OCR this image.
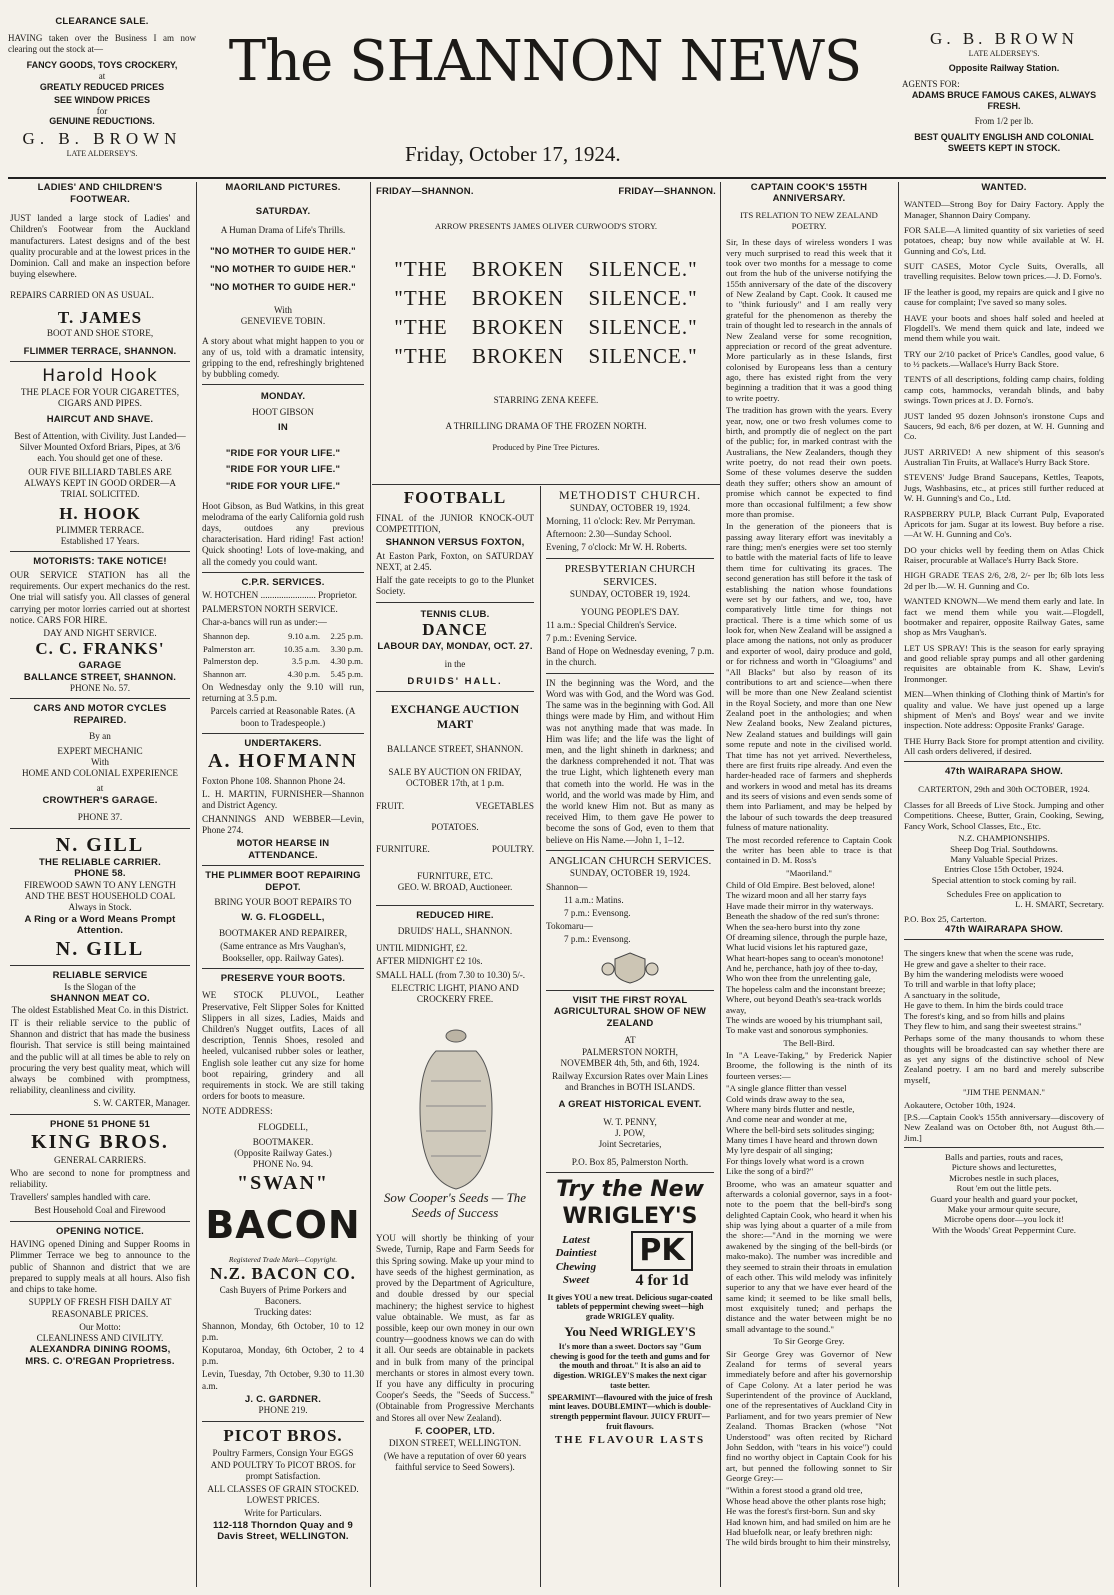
CLEARANCE SALE.

HAVING taken over the Business I am now clearing out the stock at—

FANCY GOODS, TOYS CROCKERY,
at
GREATLY REDUCED PRICES
SEE WINDOW PRICES
for
GENUINE REDUCTIONS.
G. B. BROWN
LATE ALDERSEY'S.
The SHANNON NEWS
Friday, October 17, 1924.
G. B. BROWN
LATE ALDERSEY'S.
Opposite Railway Station.
AGENTS FOR:
ADAMS BRUCE FAMOUS CAKES, ALWAYS FRESH.
From 1/2 per lb.
BEST QUALITY ENGLISH AND COLONIAL SWEETS KEPT IN STOCK.
LADIES' AND CHILDREN'S FOOTWEAR.

JUST landed a large stock of Ladies' and Children's Footwear from the Auckland manufacturers. Latest designs and of the best quality procurable and at the lowest prices in the Dominion. Call and make an inspection before buying elsewhere.

REPAIRS CARRIED ON AS USUAL.

T. JAMES
BOOT AND SHOE STORE,
FLIMMER TERRACE, SHANNON.
Harold Hook
THE PLACE FOR YOUR CIGARETTES, CIGARS AND PIPES.
HAIRCUT AND SHAVE.

Best of Attention, with Civility. Just Landed—Silver Mounted Oxford Briars, Pipes, at 3/6 each. You should get one of these.

OUR FIVE BILLIARD TABLES ARE ALWAYS KEPT IN GOOD ORDER—A TRIAL SOLICITED.

H. HOOK
PLIMMER TERRACE.
Established 17 Years.
MOTORISTS: TAKE NOTICE!

OUR SERVICE STATION has all the requirements. Our expert mechanics do the rest. One trial will satisfy you. All classes of general carrying per motor lorries carried out at shortest notice. CARS FOR HIRE.

DAY AND NIGHT SERVICE.
C. C. FRANKS'
GARAGE
BALLANCE STREET, SHANNON.
PHONE No. 57.
CARS AND MOTOR CYCLES REPAIRED.
By an
EXPERT MECHANIC
With
HOME AND COLONIAL EXPERIENCE
at
CROWTHER'S GARAGE.
PHONE 37.
N. GILL
THE RELIABLE CARRIER.
PHONE 58.
FIREWOOD SAWN TO ANY LENGTH
AND THE BEST HOUSEHOLD COAL
Always in Stock.
A Ring or a Word Means Prompt Attention.
N. GILL
RELIABLE SERVICE
Is the Slogan of the
SHANNON MEAT CO.
The oldest Established Meat Co. in this District.

IT is their reliable service to the public of Shannon and district that has made the business flourish. That service is still being maintained and the public will at all times be able to rely on procuring the very best quality meat, which will always be combined with promptness, reliability, cleanliness and civility.

S. W. CARTER, Manager.
PHONE 51 PHONE 51
KING BROS.
GENERAL CARRIERS.

Who are second to none for promptness and reliability.

Travellers' samples handled with care.

Best Household Coal and Firewood

OPENING NOTICE.

HAVING opened Dining and Supper Rooms in Plimmer Terrace we beg to announce to the public of Shannon and district that we are prepared to supply meals at all hours. Also fish and chips to take home.

SUPPLY OF FRESH FISH DAILY AT REASONABLE PRICES.

Our Motto:
CLEANLINESS AND CIVILITY.
ALEXANDRA DINING ROOMS,
MRS. C. O'REGAN Proprietress.
MAORILAND PICTURES.
SATURDAY.
A Human Drama of Life's Thrills.
"NO MOTHER TO GUIDE HER."
"NO MOTHER TO GUIDE HER."
"NO MOTHER TO GUIDE HER."
With
GENEVIEVE TOBIN.

A story about what might happen to you or any of us, told with a dramatic intensity, gripping to the end, refreshingly brightened by bubbling comedy.

MONDAY.
HOOT GIBSON
IN
"RIDE FOR YOUR LIFE."
"RIDE FOR YOUR LIFE."
"RIDE FOR YOUR LIFE."

Hoot Gibson, as Bud Watkins, in this great melodrama of the early California gold rush days, outdoes any previous characterisation. Hard riding! Fast action! Quick shooting! Lots of love-making, and all the comedy you could want.

C.P.R. SERVICES.

W. HOTCHEN ........................ Proprietor.

PALMERSTON NORTH SERVICE.

Char-a-bancs will run as under:—

Shannon dep.	9.10 a.m.	2.25 p.m.
Palmerston arr.	10.35 a.m.	3.30 p.m.
Palmerston dep.	3.5 p.m.	4.30 p.m.
Shannon arr.	4.30 p.m.	5.45 p.m.

On Wednesday only the 9.10 will run, returning at 3.5 p.m.

Parcels carried at Reasonable Rates. (A boon to Tradespeople.)

UNDERTAKERS.
A. HOFMANN

Foxton Phone 108. Shannon Phone 24.

L. H. MARTIN, FURNISHER—Shannon and District Agency.

CHANNINGS AND WEBBER—Levin, Phone 274.

MOTOR HEARSE IN ATTENDANCE.
THE PLIMMER BOOT REPAIRING DEPOT.
BRING YOUR BOOT REPAIRS TO
W. G. FLOGDELL,
BOOTMAKER AND REPAIRER,

(Same entrance as Mrs Vaughan's, Bookseller, opp. Railway Gates).

PRESERVE YOUR BOOTS.

WE STOCK PLUVOL, Leather Preservative, Felt Slipper Soles for Knitted Slippers in all sizes, Ladies, Maids and Children's Nugget outfits, Laces of all description, Tennis Shoes, resoled and heeled, vulcanised rubber soles or leather, English sole leather cut any size for home boot repairing, grindery and all requirements in stock. We are still taking orders for boots to measure.

NOTE ADDRESS:

FLOGDELL,
BOOTMAKER.
(Opposite Railway Gates.)
PHONE No. 94.
"SWAN"
BACON
Registered Trade Mark—Copyright.
N.Z. BACON CO.
Cash Buyers of Prime Porkers and Baconers.
Trucking dates:

Shannon, Monday, 6th October, 10 to 12 p.m.

Koputaroa, Monday, 6th October, 2 to 4 p.m.

Levin, Tuesday, 7th October, 9.30 to 11.30 a.m.

J. C. GARDNER.
PHONE 219.
PICOT BROS.

Poultry Farmers, Consign Your EGGS AND POULTRY To PICOT BROS. for prompt Satisfaction.

ALL CLASSES OF GRAIN STOCKED. LOWEST PRICES.

Write for Particulars.
112-118 Thorndon Quay and 9 Davis Street, WELLINGTON.
FRIDAY—SHANNON.	FRIDAY—SHANNON.
ARROW PRESENTS JAMES OLIVER CURWOOD'S STORY.
"THE BROKEN SILENCE."
"THE BROKEN SILENCE."
"THE BROKEN SILENCE."
"THE BROKEN SILENCE."
STARRING ZENA KEEFE.
A THRILLING DRAMA OF THE FROZEN NORTH.
Produced by Pine Tree Pictures.
FOOTBALL

FINAL of the JUNIOR KNOCK-OUT COMPETITION,

SHANNON VERSUS FOXTON,

At Easton Park, Foxton, on SATURDAY NEXT, at 2.45.

Half the gate receipts to go to the Plunket Society.

TENNIS CLUB.
DANCE
LABOUR DAY, MONDAY, OCT. 27.
in the
DRUIDS' HALL.
EXCHANGE AUCTION MART
BALLANCE STREET, SHANNON.

SALE BY AUCTION ON FRIDAY, OCTOBER 17th, at 1 p.m.

FRUIT.	VEGETABLES
POTATOES.
FURNITURE.	POULTRY.
FURNITURE, ETC.
GEO. W. BROAD, Auctioneer.
REDUCED HIRE.
DRUIDS' HALL, SHANNON.

UNTIL MIDNIGHT, £2.

AFTER MIDNIGHT £2 10s.

SMALL HALL (from 7.30 to 10.30) 5/-.

ELECTRIC LIGHT, PIANO AND CROCKERY FREE.

Sow Cooper's Seeds — The Seeds of Success

YOU will shortly be thinking of your Swede, Turnip, Rape and Farm Seeds for this Spring sowing. Make up your mind to have seeds of the highest germination, as proved by the Department of Agriculture, and double dressed by our special machinery; the highest service to highest value obtainable. We must, as far as possible, keep our own money in our own country—goodness knows we can do with it all. Our seeds are obtainable in packets and in bulk from many of the principal merchants or stores in almost every town. If you have any difficulty in procuring Cooper's Seeds, the "Seeds of Success." (Obtainable from Progressive Merchants and Stores all over New Zealand).

F. COOPER, LTD.
DIXON STREET, WELLINGTON.

(We have a reputation of over 60 years faithful service to Seed Sowers).

METHODIST CHURCH.
SUNDAY, OCTOBER 19, 1924.

Morning, 11 o'clock: Rev. Mr Perryman.

Afternoon: 2.30—Sunday School.

Evening, 7 o'clock: Mr W. H. Roberts.

PRESBYTERIAN CHURCH SERVICES.
SUNDAY, OCTOBER 19, 1924.
YOUNG PEOPLE'S DAY.

11 a.m.: Special Children's Service.

7 p.m.: Evening Service.

Band of Hope on Wednesday evening, 7 p.m. in the church.

IN the beginning was the Word, and the Word was with God, and the Word was God. The same was in the beginning with God. All things were made by Him, and without Him was not anything made that was made. In Him was life; and the life was the light of men, and the light shineth in darkness; and the darkness comprehended it not. That was the true Light, which lighteneth every man that cometh into the world. He was in the world, and the world was made by Him, and the world knew Him not. But as many as received Him, to them gave He power to become the sons of God, even to them that believe on His Name.—John 1, 1–12.

ANGLICAN CHURCH SERVICES.
SUNDAY, OCTOBER 19, 1924.

Shannon—

11 a.m.: Matins.

7 p.m.: Evensong.

Tokomaru—

7 p.m.: Evensong.

VISIT THE FIRST ROYAL AGRICULTURAL SHOW OF NEW ZEALAND
AT
PALMERSTON NORTH,
NOVEMBER 4th, 5th, and 6th, 1924.

Railway Excursion Rates over Main Lines and Branches in BOTH ISLANDS.

A GREAT HISTORICAL EVENT.
W. T. PENNY,
J. POW,
Joint Secretaries,

P.O. Box 85, Palmerston North.

Try the New
WRIGLEY'S
Latest Daintiest Chewing Sweet
PK
4 for 1d

It gives YOU a new treat. Delicious sugar-coated tablets of peppermint chewing sweet—high grade WRIGLEY quality.

You Need WRIGLEY'S

It's more than a sweet. Doctors say "Gum chewing is good for the teeth and gums and for the mouth and throat." It is also an aid to digestion. WRIGLEY'S makes the next cigar taste better.

SPEARMINT—flavoured with the juice of fresh mint leaves. DOUBLEMINT—which is double-strength peppermint flavour. JUICY FRUIT—fruit flavours.

THE FLAVOUR LASTS
CAPTAIN COOK'S 155TH ANNIVERSARY.
ITS RELATION TO NEW ZEALAND POETRY.

Sir, In these days of wireless wonders I was very much surprised to read this week that it took over two months for a message to come out from the hub of the universe notifying the 155th anniversary of the date of the discovery of New Zealand by Capt. Cook. It caused me to "think furiously" and I am really very grateful for the phenomenon as thereby the train of thought led to research in the annals of New Zealand verse for some recognition, appreciation or record of the great adventure. More particularly as in these Islands, first colonised by Europeans less than a century ago, there has existed right from the very beginning a tradition that it was a good thing to write poetry.

The tradition has grown with the years. Every year, now, one or two fresh volumes come to birth, and promptly die of neglect on the part of the public; for, in marked contrast with the Australians, the New Zealanders, though they write poetry, do not read their own poets. Some of these volumes deserve the sudden death they suffer; others show an amount of promise which cannot be expected to find more than occasional fulfilment; a few show more than promise.

In the generation of the pioneers that is passing away literary effort was inevitably a rare thing; men's energies were set too sternly to battle with the material facts of life to leave them time for cultivating its graces. The second generation has still before it the task of establishing the nation whose foundations were set by our fathers, and we, too, have comparatively little time for things not practical. There is a time which some of us look for, when New Zealand will be assigned a place among the nations, not only as producer and exporter of wool, dairy produce and gold, or for richness and worth in "Gloagiums" and "All Blacks" but also by reason of its contributions to art and science—when there will be more than one New Zealand scientist in the Royal Society, and more than one New Zealand poet in the anthologies; and when New Zealand books, New Zealand pictures, New Zealand statues and buildings will gain some repute and note in the civilised world. That time has not yet arrived. Nevertheless, there are first fruits ripe already. And even the harder-headed race of farmers and shepherds and workers in wood and metal has its dreams and its seers of visions and even sends some of them into Parliament, and may be helped by the labour of such towards the deep treasured fulness of mature nationality.

The most recorded reference to Captain Cook the writer has been able to trace is that contained in D. M. Ross's

"Maoriland."

Child of Old Empire. Best beloved, alone!
The wizard moon and all her starry fays
Have made their mirror in thy waterways.
Beneath the shadow of the red sun's throne:
When the sea-hero burst into thy zone
Of dreaming silence, through the purple haze,
What lucid visions let his raptured gaze,
What heart-hopes sang to ocean's monotone!
And he, perchance, hath joy of thee to-day,
Who won thee from the unrelenting gale,
The hopeless calm and the inconstant breeze;
Where, out beyond Death's sea-track worlds away,
The winds are wooed by his triumphant sail,
To make vast and sonorous symphonies.

The Bell-Bird.

In "A Leave-Taking," by Frederick Napier Broome, the following is the ninth of its fourteen verses:—

"A single glance flitter than vessel
Cold winds draw away to the sea,
Where many birds flutter and nestle,
And come near and wonder at me,
Where the bell-bird sets solitudes singing;
Many times I have heard and thrown down
My lyre despair of all singing;
For things lovely what word is a crown
Like the song of a bird?"

Broome, who was an amateur squatter and afterwards a colonial governor, says in a foot-note to the poem that the bell-bird's song delighted Captain Cook, who heard it when his ship was lying about a quarter of a mile from the shore:—"And in the morning we were awakened by the singing of the bell-birds (or mako-mako). The number was incredible and they seemed to strain their throats in emulation of each other. This wild melody was infinitely superior to any that we have ever heard of the same kind; it seemed to be like small bells, most exquisitely tuned; and perhaps the distance and the water between might be no small advantage to the sound."

To Sir George Grey.

Sir George Grey was Governor of New Zealand for terms of several years immediately before and after his governorship of Cape Colony. At a later period he was Superintendent of the province of Auckland, one of the representatives of Auckland City in Parliament, and for two years premier of New Zealand. Thomas Bracken (whose "Not Understood" was often recited by Richard John Seddon, with "tears in his voice") could find no worthy object in Captain Cook for his art, but penned the following sonnet to Sir George Grey:—

"Within a forest stood a grand old tree,
Whose head above the other plants rose high;
He was the forest's first-born. Sun and sky
Had known him, and had smiled on him are he
Had bluefolk near, or leafy brethren nigh:
The wild birds brought to him their minstrelsy,

WANTED.

WANTED—Strong Boy for Dairy Factory. Apply the Manager, Shannon Dairy Company.

FOR SALE—A limited quantity of six varieties of seed potatoes, cheap; buy now while available at W. H. Gunning and Co's, Ltd.

SUIT CASES, Motor Cycle Suits, Overalls, all travelling requisites. Below town prices.—J. D. Forno's.

IF the leather is good, my repairs are quick and I give no cause for complaint; I've saved so many soles.

HAVE your boots and shoes half soled and heeled at Flogdell's. We mend them quick and late, indeed we mend them while you wait.

TRY our 2/10 packet of Price's Candles, good value, 6 to ½ packets.—Wallace's Hurry Back Store.

TENTS of all descriptions, folding camp chairs, folding camp cots, hammocks, verandah blinds, and baby swings. Town prices at J. D. Forno's.

JUST landed 95 dozen Johnson's ironstone Cups and Saucers, 9d each, 8/6 per dozen, at W. H. Gunning and Co.

JUST ARRIVED! A new shipment of this season's Australian Tin Fruits, at Wallace's Hurry Back Store.

STEVENS' Judge Brand Saucepans, Kettles, Teapots, Jugs, Washbasins, etc., at prices still further reduced at W. H. Gunning's and Co., Ltd.

RASPBERRY PULP, Black Currant Pulp, Evaporated Apricots for jam. Sugar at its lowest. Buy before a rise.—At W. H. Gunning and Co's.

DO your chicks well by feeding them on Atlas Chick Raiser, procurable at Wallace's Hurry Back Store.

HIGH GRADE TEAS 2/6, 2/8, 2/- per lb; 6lb lots less 2d per lb.—W. H. Gunning and Co.

WANTED KNOWN—We mend them early and late. In fact we mend them while you wait.—Flogdell, bootmaker and repairer, opposite Railway Gates, same shop as Mrs Vaughan's.

LET US SPRAY! This is the season for early spraying and good reliable spray pumps and all other gardening requisites are obtainable from K. Shaw, Levin's Ironmonger.

MEN—When thinking of Clothing think of Martin's for quality and value. We have just opened up a large shipment of Men's and Boys' wear and we invite inspection. Note address: Opposite Franks' Garage.

THE Hurry Back Store for prompt attention and civility. All cash orders delivered, if desired.

47th WAIRARAPA SHOW.
CARTERTON, 29th and 30th OCTOBER, 1924.

Classes for all Breeds of Live Stock. Jumping and other Competitions. Cheese, Butter, Grain, Cooking, Sewing, Fancy Work, School Classes, Etc., Etc.

N.Z. CHAMPIONSHIPS.
Sheep Dog Trial. Southdowns.
Many Valuable Special Prizes.
Entries Close 15th October, 1924.
Special attention to stock coming by rail.
Schedules Free on application to
L. H. SMART, Secretary.
P.O. Box 25, Carterton.
47th WAIRARAPA SHOW.

The singers knew that when the scene was rude,
He grew and gave a shelter to their race.
By him the wandering melodists were wooed
To trill and warble in that lofty place;
A sanctuary in the solitude,
He gave to them. In him the birds could trace
The forest's king, and so from hills and plains
They flew to him, and sang their sweetest strains."

Perhaps some of the many thousands to whom these thoughts will be broadcasted can say whether there are as yet any signs of the distinctive school of New Zealand poetry. I am no bard and merely subscribe myself,

"JIM THE PENMAN."

Aokautere, October 10th, 1924.

[P.S.—Captain Cook's 155th anniversary—discovery of New Zealand was on October 8th, not August 8th.—Jim.]

Balls and parties, routs and races,
Picture shows and lecturettes,
Microbes nestle in such places,
Rout 'em out the little pets.
Guard your health and guard your pocket,
Make your armour quite secure,
Microbe opens door—you lock it!
With the Woods' Great Peppermint Cure.
